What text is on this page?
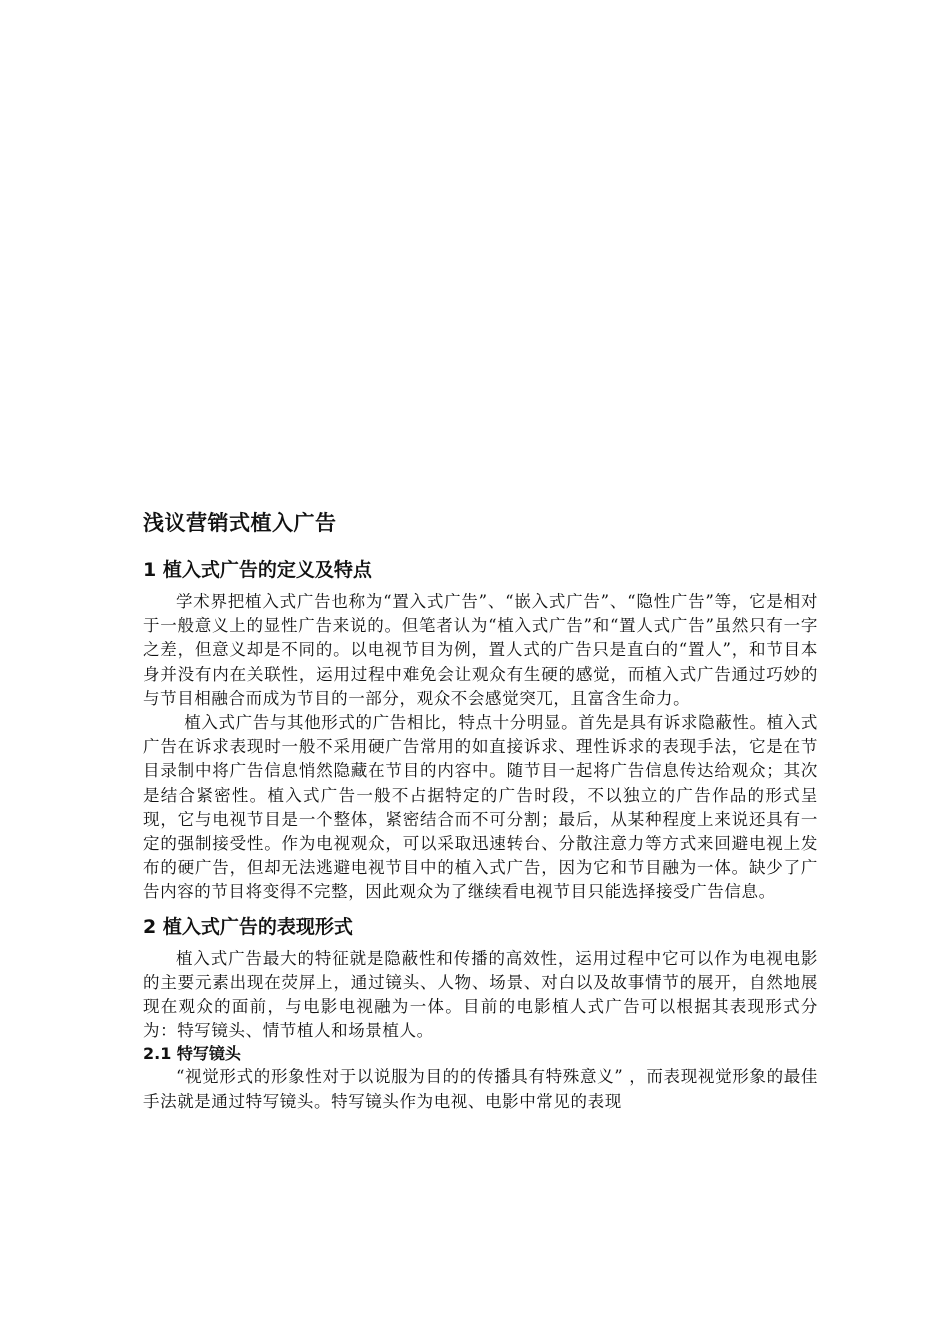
浅议营销式植入广告
1 植入式广告的定义及特点

学术界把植入式广告也称为“置入式广告”、“嵌入式广告”、“隐性广告”等，它是相对于一般意义上的显性广告来说的。但笔者认为“植入式广告”和“置人式广告”虽然只有一字之差，但意义却是不同的。以电视节目为例，置人式的广告只是直白的“置人”，和节目本身并没有内在关联性，运用过程中难免会让观众有生硬的感觉，而植入式广告通过巧妙的与节目相融合而成为节目的一部分，观众不会感觉突兀，且富含生命力。

植入式广告与其他形式的广告相比，特点十分明显。首先是具有诉求隐蔽性。植入式广告在诉求表现时一般不采用硬广告常用的如直接诉求、理性诉求的表现手法，它是在节目录制中将广告信息悄然隐藏在节目的内容中。随节目一起将广告信息传达给观众；其次是结合紧密性。植入式广告一般不占据特定的广告时段，不以独立的广告作品的形式呈现，它与电视节目是一个整体，紧密结合而不可分割；最后，从某种程度上来说还具有一定的强制接受性。作为电视观众，可以采取迅速转台、分散注意力等方式来回避电视上发布的硬广告，但却无法逃避电视节目中的植入式广告，因为它和节目融为一体。缺少了广告内容的节目将变得不完整，因此观众为了继续看电视节目只能选择接受广告信息。

2 植入式广告的表现形式

植入式广告最大的特征就是隐蔽性和传播的高效性，运用过程中它可以作为电视电影的主要元素出现在荧屏上，通过镜头、人物、场景、对白以及故事情节的展开，自然地展现在观众的面前，与电影电视融为一体。目前的电影植人式广告可以根据其表现形式分为：特写镜头、情节植人和场景植人。

2.1 特写镜头

“视觉形式的形象性对于以说服为目的的传播具有特殊意义” ，而表现视觉形象的最佳手法就是通过特写镜头。特写镜头作为电视、电影中常见的表现
